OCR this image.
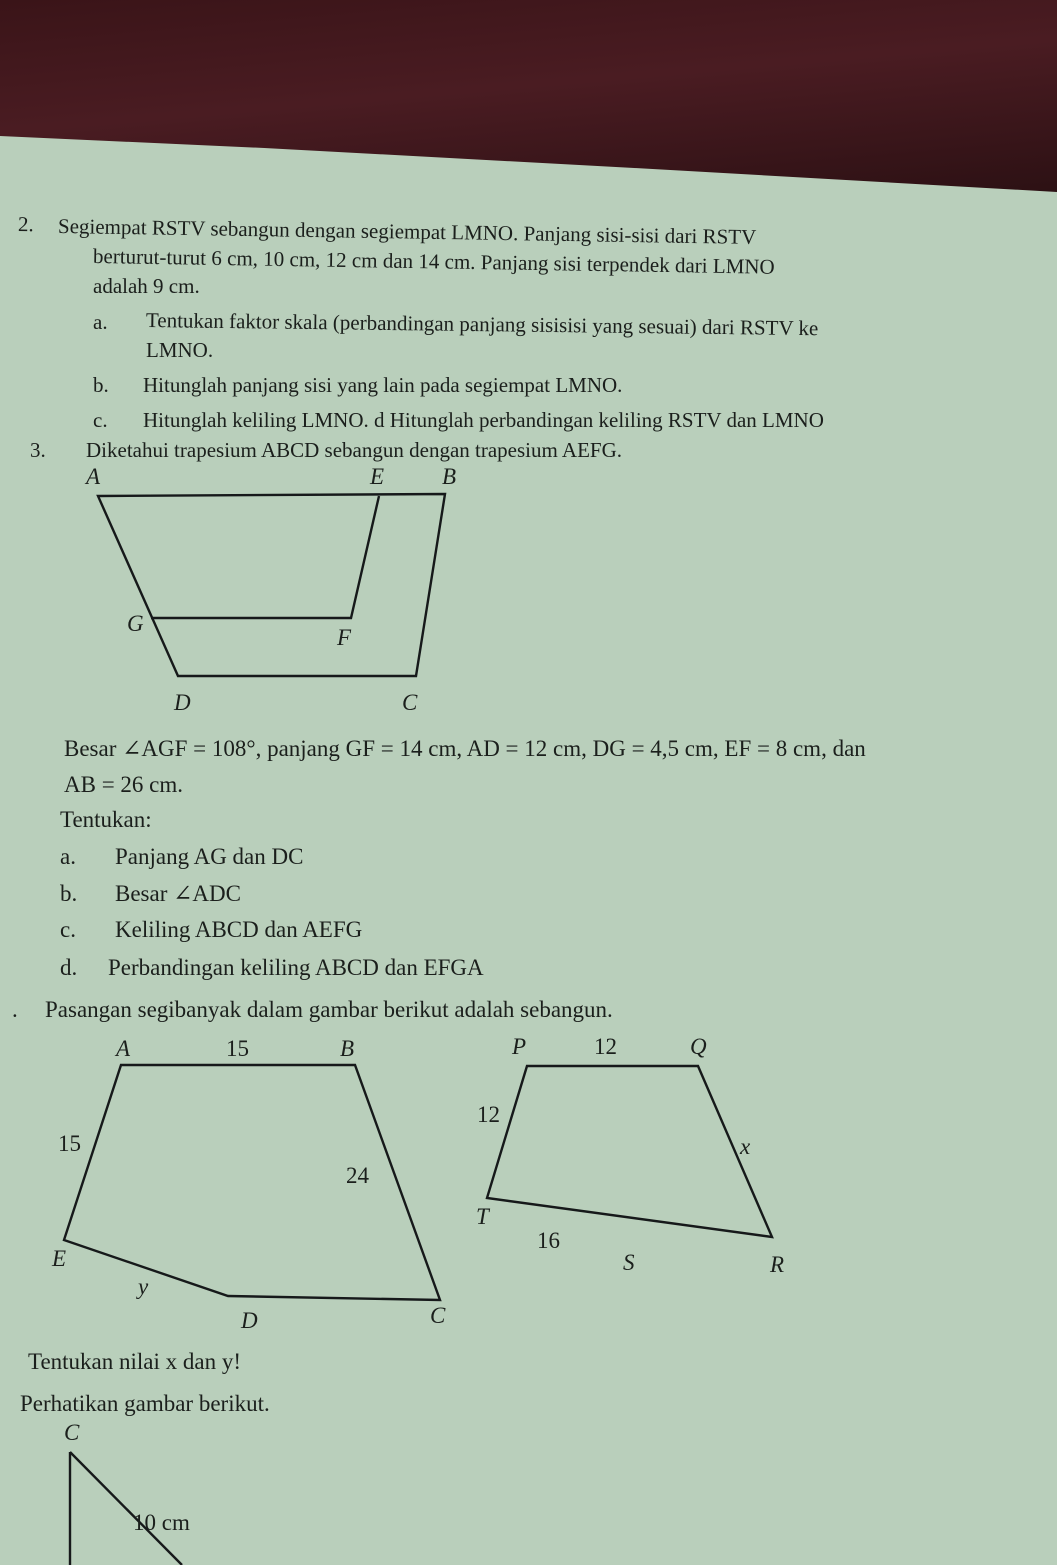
2. Segiempat RSTV sebangun dengan segiempat LMNO. Panjang sisi-sisi dari RSTV
berturut-turut 6 cm, 10 cm, 12 cm dan 14 cm. Panjang sisi terpendek dari LMNO
adalah 9 cm.
a. Tentukan faktor skala (perbandingan panjang sisisisi yang sesuai) dari RSTV ke
LMNO.
b. Hitunglah panjang sisi yang lain pada segiempat LMNO.
c. Hitunglah keliling LMNO. d Hitunglah perbandingan keliling RSTV dan LMNO
3. Diketahui trapesium ABCD sebangun dengan trapesium AEFG.
A	E	B
G
F
D	C
Besar ∠AGF = 108°, panjang GF = 14 cm, AD = 12 cm, DG = 4,5 cm, EF = 8 cm, dan
AB = 26 cm.
Tentukan:
a. Panjang AG dan DC
b. Besar ∠ADC
c. Keliling ABCD dan AEFG
d. Perbandingan keliling ABCD dan EFGA
. Pasangan segibanyak dalam gambar berikut adalah sebangun.
A	15	B
15
24
E
y
D	C
P	12	Q
12
x
T
16
S	R
Tentukan nilai x dan y!
Perhatikan gambar berikut.
C
10 cm
